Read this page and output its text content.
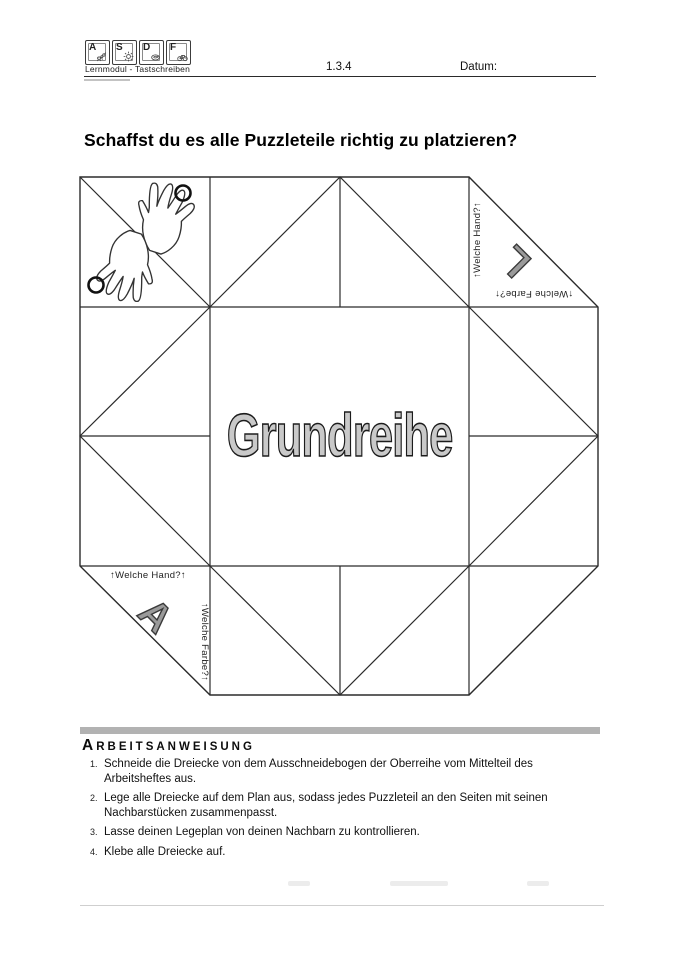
A S D F
Lernmodul - Tastschreiben	1.3.4	Datum:
Schaffst du es alle Puzzleteile richtig zu platzieren?
Grundreihe
↑Welche Hand?↑
↑Welche Farbe?↑
L
↑Welche Hand?↑
↑Welche Farbe?↑
A
ARBEITSANWEISUNG
1. Schneide die Dreiecke von dem Ausschneidebogen der Oberreihe vom Mittelteil des Arbeitsheftes aus.
2. Lege alle Dreiecke auf dem Plan aus, sodass jedes Puzzleteil an den Seiten mit seinen Nachbarstücken zusammenpasst.
3. Lasse deinen Legeplan von deinen Nachbarn zu kontrollieren.
4. Klebe alle Dreiecke auf.
